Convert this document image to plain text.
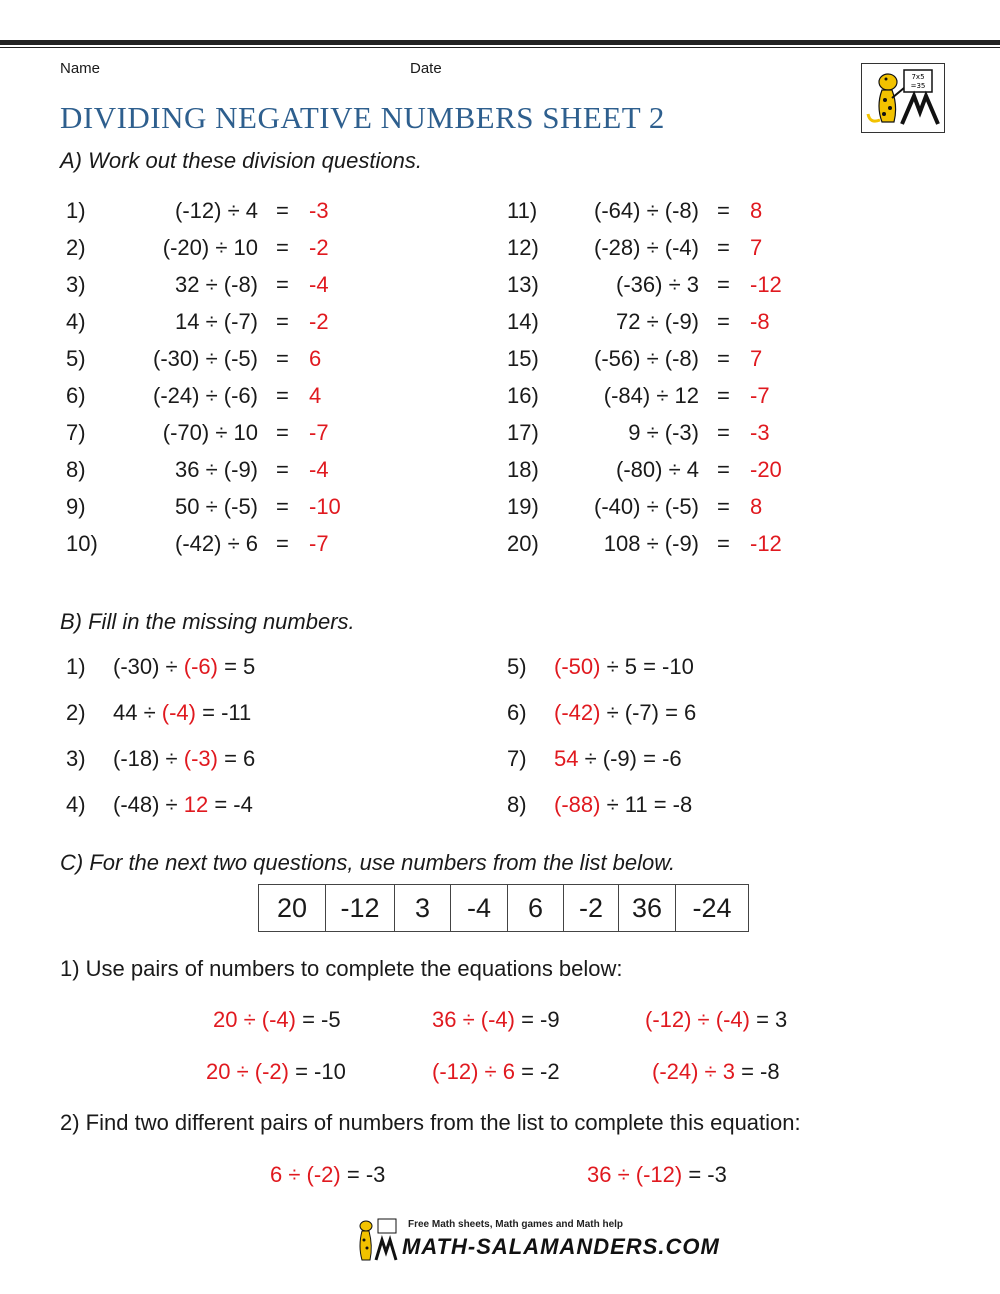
Name	Date
DIVIDING NEGATIVE NUMBERS SHEET 2
7x5
=35
A) Work out these division questions.
1)	(-12) ÷ 4 = -3
2)	(-20) ÷ 10 = -2
3)	32 ÷ (-8) = -4
4)	14 ÷ (-7) = -2
5)	(-30) ÷ (-5) = 6
6)	(-24) ÷ (-6) = 4
7)	(-70) ÷ 10 = -7
8)	36 ÷ (-9) = -4
9)	50 ÷ (-5) = -10
10)	(-42) ÷ 6 = -7
11)	(-64) ÷ (-8) = 8
12)	(-28) ÷ (-4) = 7
13)	(-36) ÷ 3 = -12
14)	72 ÷ (-9) = -8
15)	(-56) ÷ (-8) = 7
16)	(-84) ÷ 12 = -7
17)	9 ÷ (-3) = -3
18)	(-80) ÷ 4 = -20
19)	(-40) ÷ (-5) = 8
20)	108 ÷ (-9) = -12
B) Fill in the missing numbers.
1) (-30) ÷ (-6) = 5
2) 44 ÷ (-4) = -11
3) (-18) ÷ (-3) = 6
4) (-48) ÷ 12 = -4
5) (-50) ÷ 5 = -10
6) (-42) ÷ (-7) = 6
7) 54 ÷ (-9) = -6
8) (-88) ÷ 11 = -8
C) For the next two questions, use numbers from the list below.
20	-12	3	-4	6	-2	36	-24
1) Use pairs of numbers to complete the equations below:
20 ÷ (-4) = -5	36 ÷ (-4) = -9	(-12) ÷ (-4) = 3
20 ÷ (-2) = -10	(-12) ÷ 6 = -2	(-24) ÷ 3 = -8
2) Find two different pairs of numbers from the list to complete this equation:
6 ÷ (-2) = -3	36 ÷ (-12) = -3
Free Math sheets, Math games and Math help
MATH-SALAMANDERS.COM
